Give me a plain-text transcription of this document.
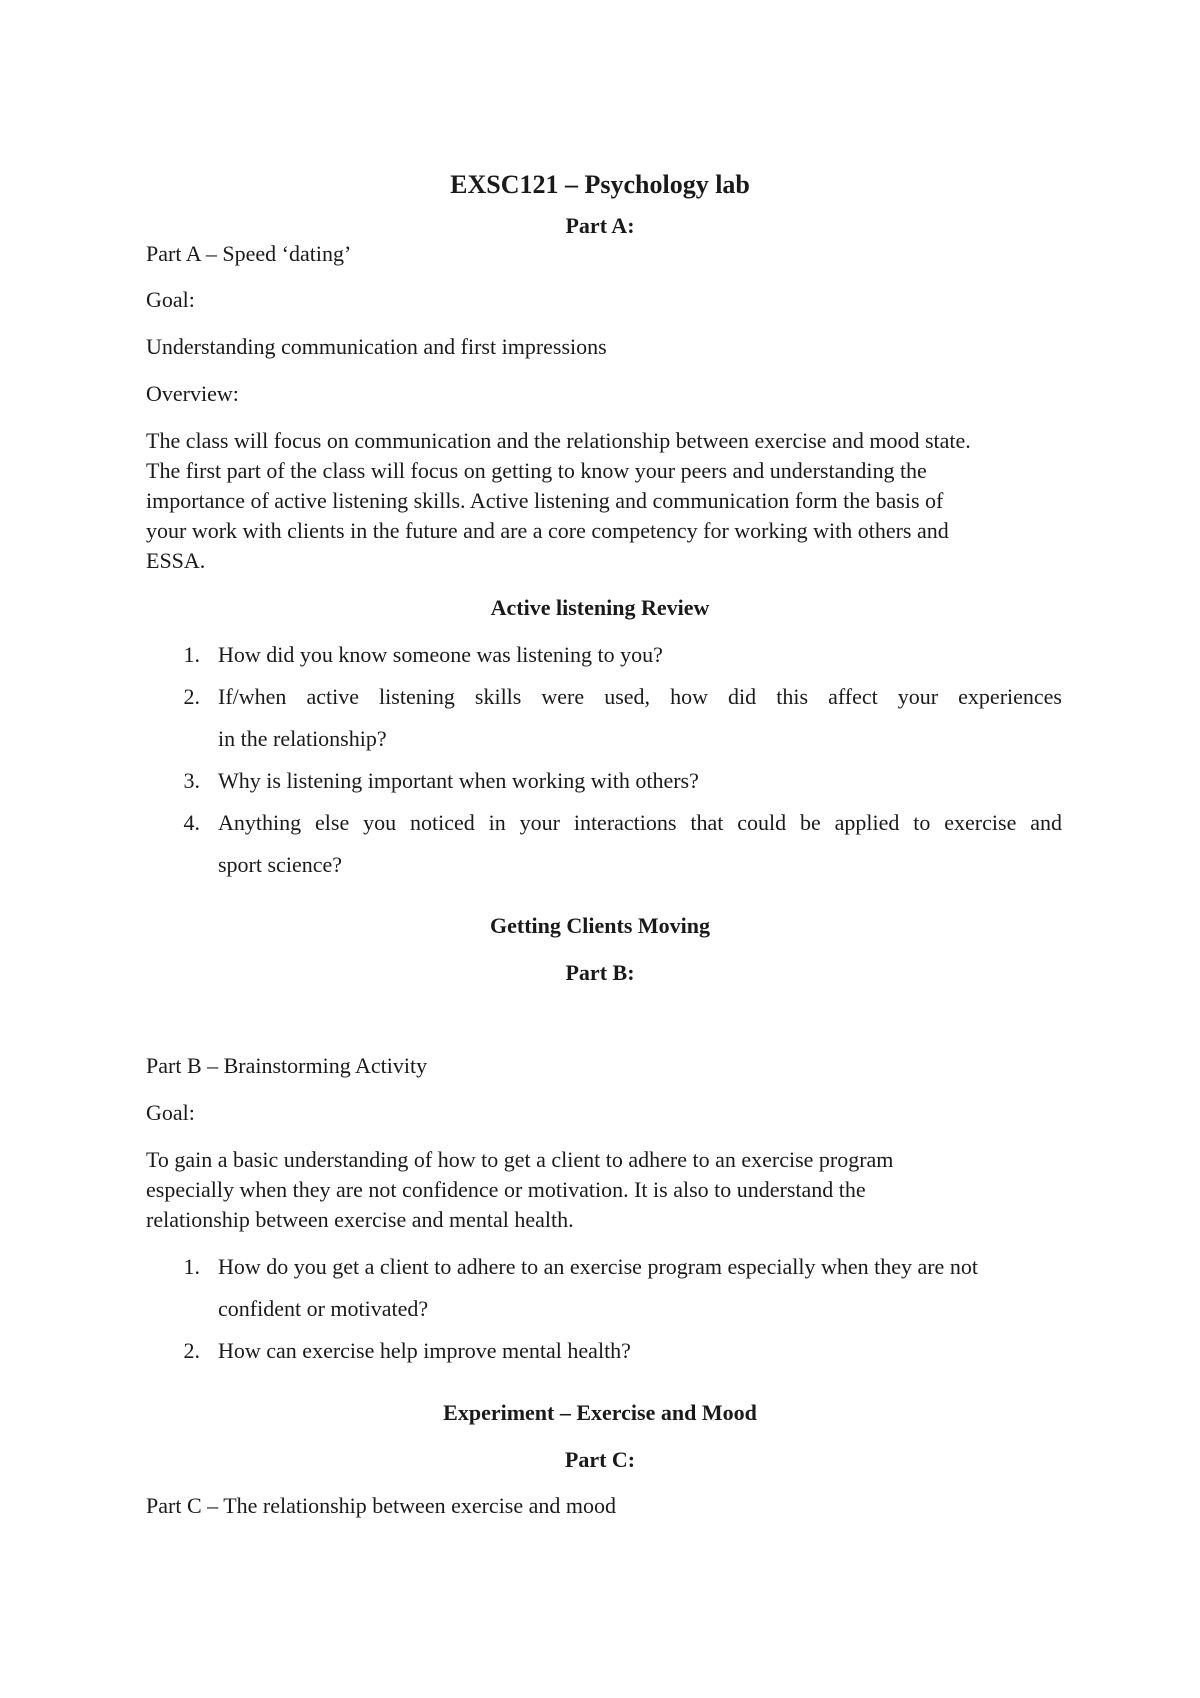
EXSC121 – Psychology lab
Part A:
Part A – Speed ‘dating’
Goal:
Understanding communication and first impressions
Overview:
The class will focus on communication and the relationship between exercise and mood state.
The first part of the class will focus on getting to know your peers and understanding the
importance of active listening skills. Active listening and communication form the basis of
your work with clients in the future and are a core competency for working with others and
ESSA.
Active listening Review
1. How did you know someone was listening to you?
2. If/when active listening skills were used, how did this affect your experiences
in the relationship?
3. Why is listening important when working with others?
4. Anything else you noticed in your interactions that could be applied to exercise and
sport science?
Getting Clients Moving
Part B:
Part B – Brainstorming Activity
Goal:
To gain a basic understanding of how to get a client to adhere to an exercise program
especially when they are not confidence or motivation. It is also to understand the
relationship between exercise and mental health.
1. How do you get a client to adhere to an exercise program especially when they are not
confident or motivated?
2. How can exercise help improve mental health?
Experiment – Exercise and Mood
Part C:
Part C – The relationship between exercise and mood
